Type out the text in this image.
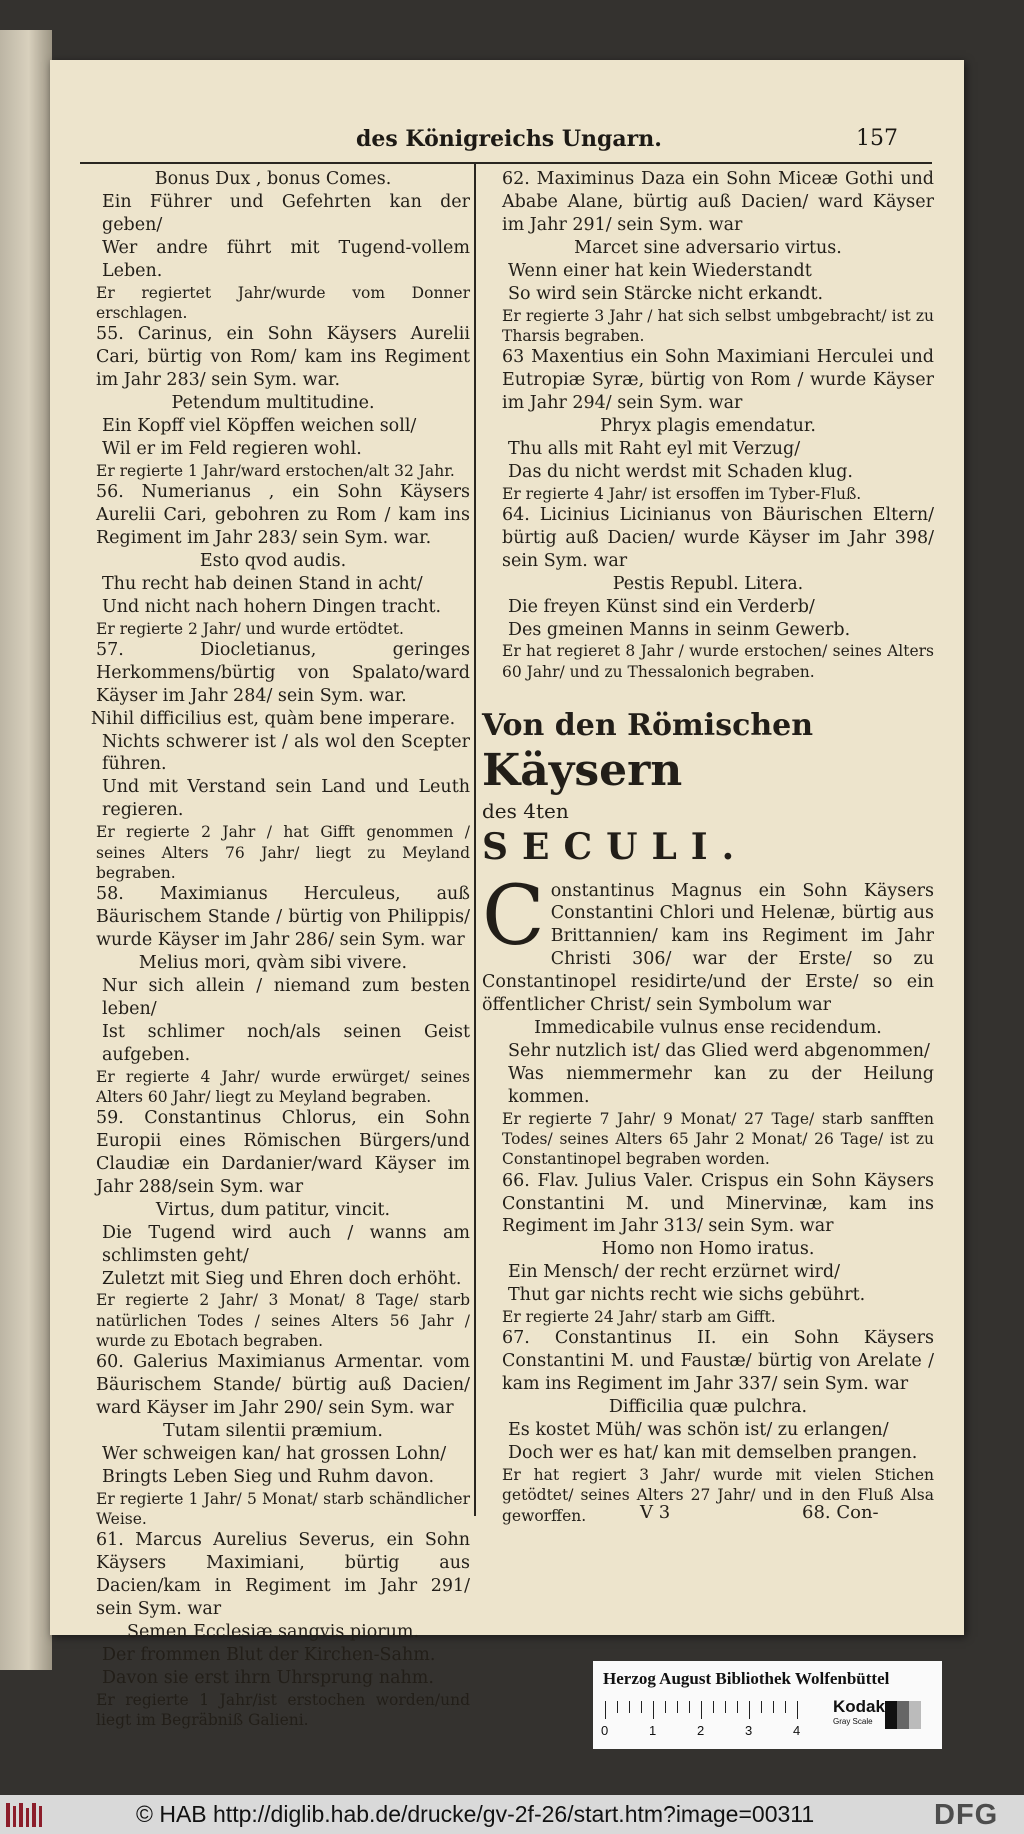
des Königreichs Ungarn.	157

Bonus Dux , bonus Comes.

Ein Führer und Gefehrten kan der geben/

Wer andre führt mit Tugend-vollem Leben.

Er regiertet Jahr/wurde vom Donner erschlagen.

55. Carinus, ein Sohn Käysers Aurelii Cari, bürtig von Rom/ kam ins Regiment im Jahr 283/ sein Sym. war.

Petendum multitudine.

Ein Kopff viel Köpffen weichen soll/

Wil er im Feld regieren wohl.

Er regierte 1 Jahr/ward erstochen/alt 32 Jahr.

56. Numerianus , ein Sohn Käysers Aurelii Cari, gebohren zu Rom / kam ins Regiment im Jahr 283/ sein Sym. war.

Esto qvod audis.

Thu recht hab deinen Stand in acht/

Und nicht nach hohern Dingen tracht.

Er regierte 2 Jahr/ und wurde ertödtet.

57. Diocletianus, geringes Herkommens/bürtig von Spalato/ward Käyser im Jahr 284/ sein Sym. war.

Nihil difficilius est, quàm bene imperare.

Nichts schwerer ist / als wol den Scepter führen.

Und mit Verstand sein Land und Leuth regieren.

Er regierte 2 Jahr / hat Gifft genommen / seines Alters 76 Jahr/ liegt zu Meyland begraben.

58. Maximianus Herculeus, auß Bäurischem Stande / bürtig von Philippis/ wurde Käyser im Jahr 286/ sein Sym. war

Melius mori, qvàm sibi vivere.

Nur sich allein / niemand zum besten leben/

Ist schlimer noch/als seinen Geist aufgeben.

Er regierte 4 Jahr/ wurde erwürget/ seines Alters 60 Jahr/ liegt zu Meyland begraben.

59. Constantinus Chlorus, ein Sohn Europii eines Römischen Bürgers/und Claudiæ ein Dardanier/ward Käyser im Jahr 288/sein Sym. war

Virtus, dum patitur, vincit.

Die Tugend wird auch / wanns am schlimsten geht/

Zuletzt mit Sieg und Ehren doch erhöht.

Er regierte 2 Jahr/ 3 Monat/ 8 Tage/ starb natürlichen Todes / seines Alters 56 Jahr / wurde zu Ebotach begraben.

60. Galerius Maximianus Armentar. vom Bäurischem Stande/ bürtig auß Dacien/ ward Käyser im Jahr 290/ sein Sym. war

Tutam silentii præmium.

Wer schweigen kan/ hat grossen Lohn/

Bringts Leben Sieg und Ruhm davon.

Er regierte 1 Jahr/ 5 Monat/ starb schändlicher Weise.

61. Marcus Aurelius Severus, ein Sohn Käysers Maximiani, bürtig aus Dacien/kam in Regiment im Jahr 291/ sein Sym. war

Semen Ecclesiæ sangvis piorum.

Der frommen Blut der Kirchen-Sahm.

Davon sie erst ihrn Uhrsprung nahm.

Er regierte 1 Jahr/ist erstochen worden/und liegt im Begräbniß Galieni.

62. Maximinus Daza ein Sohn Miceæ Gothi und Ababe Alane, bürtig auß Dacien/ ward Käyser im Jahr 291/ sein Sym. war

Marcet sine adversario virtus.

Wenn einer hat kein Wiederstandt

So wird sein Stärcke nicht erkandt.

Er regierte 3 Jahr / hat sich selbst umbgebracht/ ist zu Tharsis begraben.

63 Maxentius ein Sohn Maximiani Herculei und Eutropiæ Syræ, bürtig von Rom / wurde Käyser im Jahr 294/ sein Sym. war

Phryx plagis emendatur.

Thu alls mit Raht eyl mit Verzug/

Das du nicht werdst mit Schaden klug.

Er regierte 4 Jahr/ ist ersoffen im Tyber-Fluß.

64. Licinius Licinianus von Bäurischen Eltern/ bürtig auß Dacien/ wurde Käyser im Jahr 398/ sein Sym. war

Pestis Republ. Litera.

Die freyen Künst sind ein Verderb/

Des gmeinen Manns in seinm Gewerb.

Er hat regieret 8 Jahr / wurde erstochen/ seines Alters 60 Jahr/ und zu Thessalonich begraben.

Von den Römischen

Käysern

des 4ten

SECULI.

Constantinus Magnus ein Sohn Käysers Constantini Chlori und Helenæ, bürtig aus Brittannien/ kam ins Regiment im Jahr Christi 306/ war der Erste/ so zu Constantinopel residirte/und der Erste/ so ein öffentlicher Christ/ sein Symbolum war

Immedicabile vulnus ense recidendum.

Sehr nutzlich ist/ das Glied werd abgenommen/

Was niemmermehr kan zu der Heilung kommen.

Er regierte 7 Jahr/ 9 Monat/ 27 Tage/ starb sanfften Todes/ seines Alters 65 Jahr 2 Monat/ 26 Tage/ ist zu Constantinopel begraben worden.

66. Flav. Julius Valer. Crispus ein Sohn Käysers Constantini M. und Minervinæ, kam ins Regiment im Jahr 313/ sein Sym. war

Homo non Homo iratus.

Ein Mensch/ der recht erzürnet wird/

Thut gar nichts recht wie sichs gebührt.

Er regierte 24 Jahr/ starb am Gifft.

67. Constantinus II. ein Sohn Käysers Constantini M. und Faustæ/ bürtig von Arelate / kam ins Regiment im Jahr 337/ sein Sym. war

Difficilia quæ pulchra.

Es kostet Müh/ was schön ist/ zu erlangen/

Doch wer es hat/ kan mit demselben prangen.

Er hat regiert 3 Jahr/ wurde mit vielen Stichen getödtet/ seines Alters 27 Jahr/ und in den Fluß Alsa geworffen.	V 3	68. Con-
Herzog August Bibliothek Wolfenbüttel
0	1	2	3	4
Kodak
Gray Scale
© HAB http://diglib.hab.de/drucke/gv-2f-26/start.htm?image=00311	DFG
